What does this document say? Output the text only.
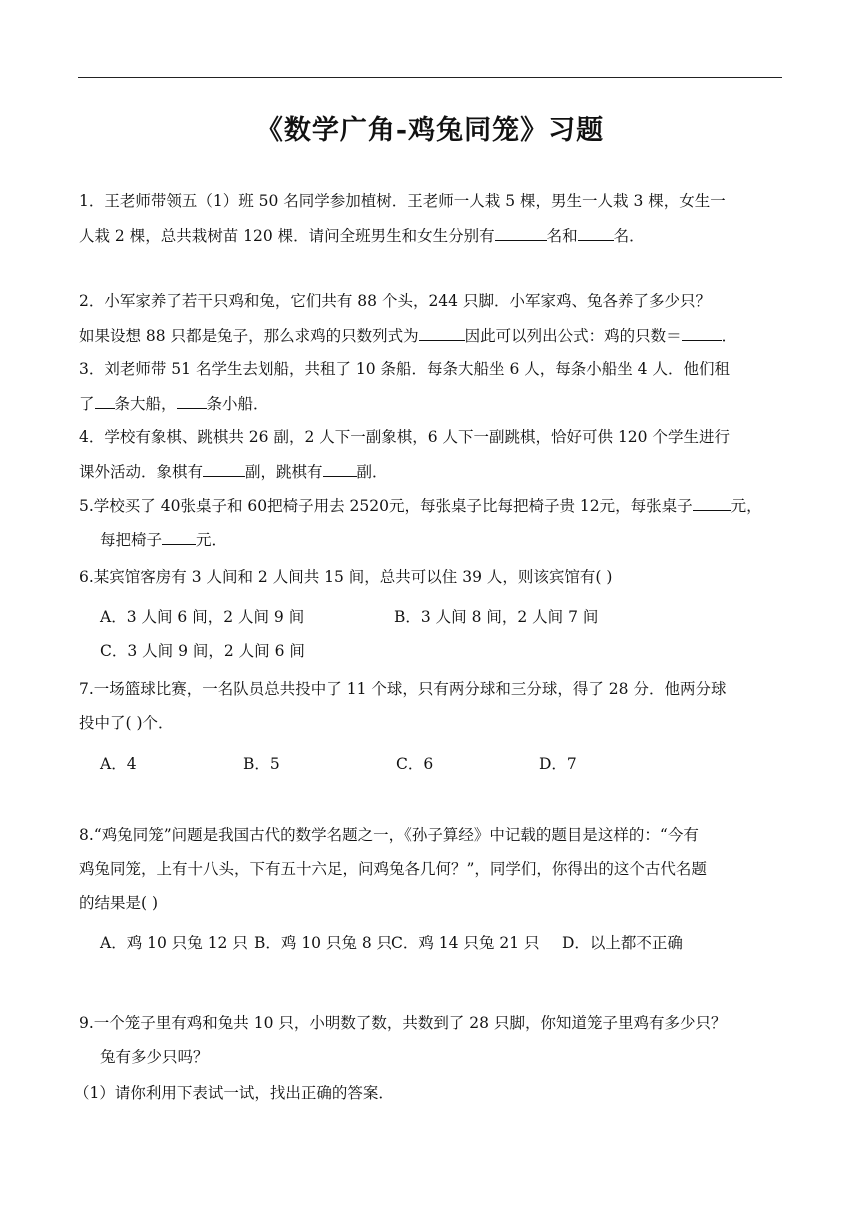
《数学广角-鸡兔同笼》习题
1．王老师带领五（1）班 50 名同学参加植树．王老师一人栽 5 棵，男生一人栽 3 棵，女生一
人栽 2 棵，总共栽树苗 120 棵．请问全班男生和女生分别有	名和 名．
2．小军家养了若干只鸡和兔，它们共有 88 个头，244 只脚．小军家鸡、兔各养了多少只？
如果设想 88 只都是兔子，那么求鸡的只数列式为	因此可以列出公式：鸡的只数＝	．
3．刘老师带 51 名学生去划船，共租了 10 条船．每条大船坐 6 人，每条小船坐 4 人．他们租
了 条大船， 条小船．
4．学校有象棋、跳棋共 26 副，2 人下一副象棋，6 人下一副跳棋，恰好可供 120 个学生进行
课外活动．象棋有	副，跳棋有 副．
5.学校买了 40张桌子和 60把椅子用去 2520元，每张桌子比每把椅子贵 12元，每张桌子 元，
每把椅子 元．
6.某宾馆客房有 3 人间和 2 人间共 15 间，总共可以住 39 人，则该宾馆有( )
A．3 人间 6 间，2 人间 9 间	B．3 人间 8 间，2 人间 7 间
C．3 人间 9 间，2 人间 6 间
7.一场篮球比赛，一名队员总共投中了 11 个球，只有两分球和三分球，得了 28 分．他两分球
投中了( )个．
A．4	B．5	C．6	D．7
8.“鸡兔同笼”问题是我国古代的数学名题之一，《孙子算经》中记载的题目是这样的：“今有
鸡兔同笼，上有十八头，下有五十六足，问鸡兔各几何？”，同学们，你得出的这个古代名题
的结果是( )
A．鸡 10 只兔 12 只 B．鸡 10 只兔 8 只
C．鸡 14 只兔 21 只 D．以上都不正确
9.一个笼子里有鸡和兔共 10 只，小明数了数，共数到了 28 只脚，你知道笼子里鸡有多少只？
兔有多少只吗？
（1）请你利用下表试一试，找出正确的答案．
